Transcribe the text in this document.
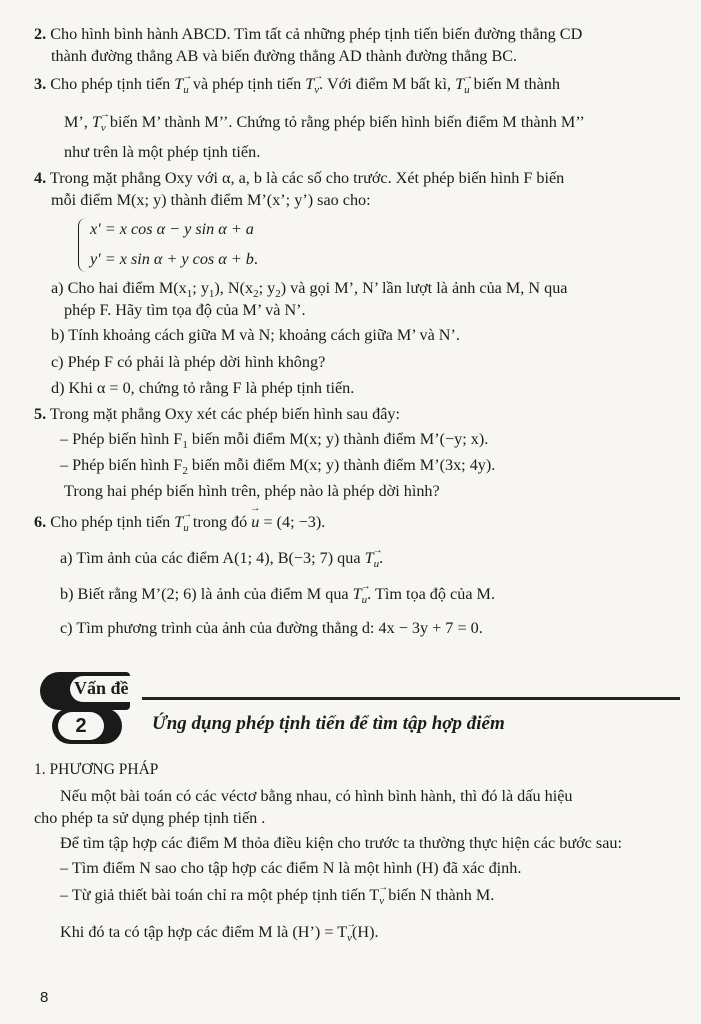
2. Cho hình bình hành ABCD. Tìm tất cả những phép tịnh tiến biến đường thẳng CD
thành đường thẳng AB và biến đường thẳng AD thành đường thẳng BC.
3. Cho phép tịnh tiến $T_u$ và phép tịnh tiến $T_v$. Với điểm M bất kì, $T_u$ biến M thành
M’, $T_v$ biến M’ thành M’’. Chứng tỏ rằng phép biến hình biến điểm M thành M’’
như trên là một phép tịnh tiến.
4. Trong mặt phẳng Oxy với α, a, b là các số cho trước. Xét phép biến hình F biến
mỗi điểm M(x; y) thành điểm M’(x’; y’) sao cho:
x′ = x cos α − y sin α + a
y′ = x sin α + y cos α + b.
a) Cho hai điểm $M(x_1$; $y_1$), $N(x_2$; $y_2$) và gọi M’, N’ lần lượt là ảnh của M, N qua
phép F. Hãy tìm tọa độ của M’ và N’.
b) Tính khoảng cách giữa M và N; khoảng cách giữa M’ và N’.
c) Phép F có phải là phép dời hình không?
d) Khi α = 0, chứng tỏ rằng F là phép tịnh tiến.
5. Trong mặt phẳng Oxy xét các phép biến hình sau đây:
– Phép biến hình $F_1$ biến mỗi điểm M(x; y) thành điểm M’(−y; x).
– Phép biến hình $F_2$ biến mỗi điểm M(x; y) thành điểm M’(3x; 4y).
Trong hai phép biến hình trên, phép nào là phép dời hình?
6. Cho phép tịnh tiến $T_u$ trong đó → u = (4; −3).
a) Tìm ảnh của các điểm A(1; 4), B(−3; 7) qua $T_u$.
b) Biết rằng M’(2; 6) là ảnh của điểm M qua $T_u$. Tìm tọa độ của M.
c) Tìm phương trình của ảnh của đường thẳng d: 4x − 3y + 7 = 0.
Vấn đề
2	Ứng dụng phép tịnh tiến để tìm tập hợp điểm
1. PHƯƠNG PHÁP
Nếu một bài toán có các véctơ bằng nhau, có hình bình hành, thì đó là dấu hiệu
cho phép ta sử dụng phép tịnh tiến .
Để tìm tập hợp các điểm M thỏa điều kiện cho trước ta thường thực hiện các bước sau:
– Tìm điểm N sao cho tập hợp các điểm N là một hình (H) đã xác định.
– Từ giả thiết bài toán chỉ ra một phép tịnh tiến $T_v$ biến N thành M.
Khi đó ta có tập hợp các điểm M là (H’) = $T_v(H)$.
8
